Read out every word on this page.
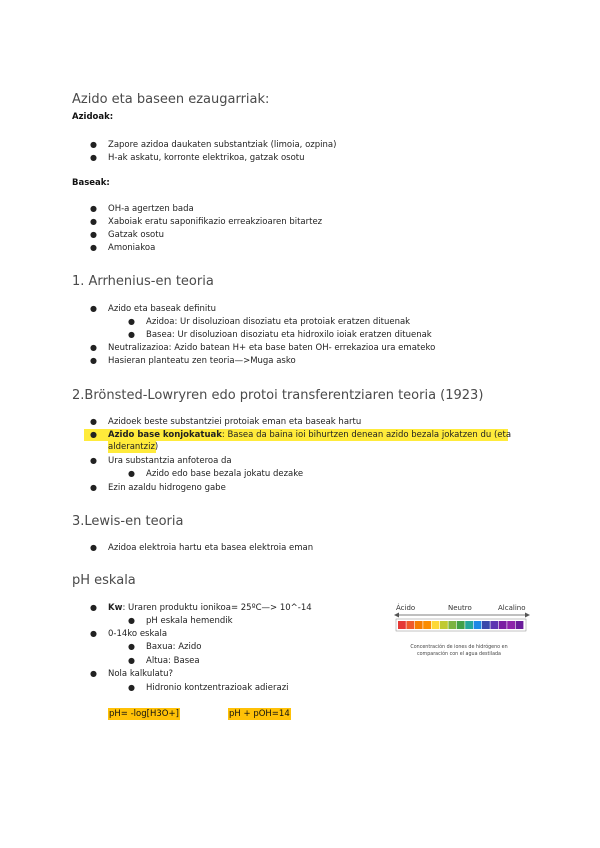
Azido eta baseen ezaugarriak:
Azidoak:
● Zapore azidoa daukaten substantziak (limoia, ozpina)
● H-ak askatu, korronte elektrikoa, gatzak osotu
Baseak:
● OH-a agertzen bada
● Xaboiak eratu saponifikazio erreakzioaren bitartez
● Gatzak osotu
● Amoniakoa
1. Arrhenius-en teoria
● Azido eta baseak definitu
● Azidoa: Ur disoluzioan disoziatu eta protoiak eratzen dituenak
● Basea: Ur disoluzioan disoziatu eta hidroxilo ioiak eratzen dituenak
● Neutralizazioa: Azido batean H+ eta base baten OH- errekazioa ura emateko
● Hasieran planteatu zen teoria—>Muga asko
2.Brönsted-Lowryren edo protoi transferentziaren teoria (1923)
● Azidoek beste substantziei protoiak eman eta baseak hartu
● Azido base konjokatuak: Basea da baina ioi bihurtzen denean azido bezala jokatzen du (eta
alderantziz)
● Ura substantzia anfoteroa da
● Azido edo base bezala jokatu dezake
● Ezin azaldu hidrogeno gabe
3.Lewis-en teoria
● Azidoa elektroia hartu eta basea elektroia eman
pH eskala
● Kw: Uraren produktu ionikoa= 25ºC—> 10^-14
● pH eskala hemendik
● 0-14ko eskala
● Baxua: Azido
● Altua: Basea
● Nola kalkulatu?
● Hidronio kontzentrazioak adierazi
pH= -log[H3O+]	pH + pOH=14
Ácido	Neutro	Alcalino
Concentración de iones de hidrógeno en
comparación con el agua destilada
